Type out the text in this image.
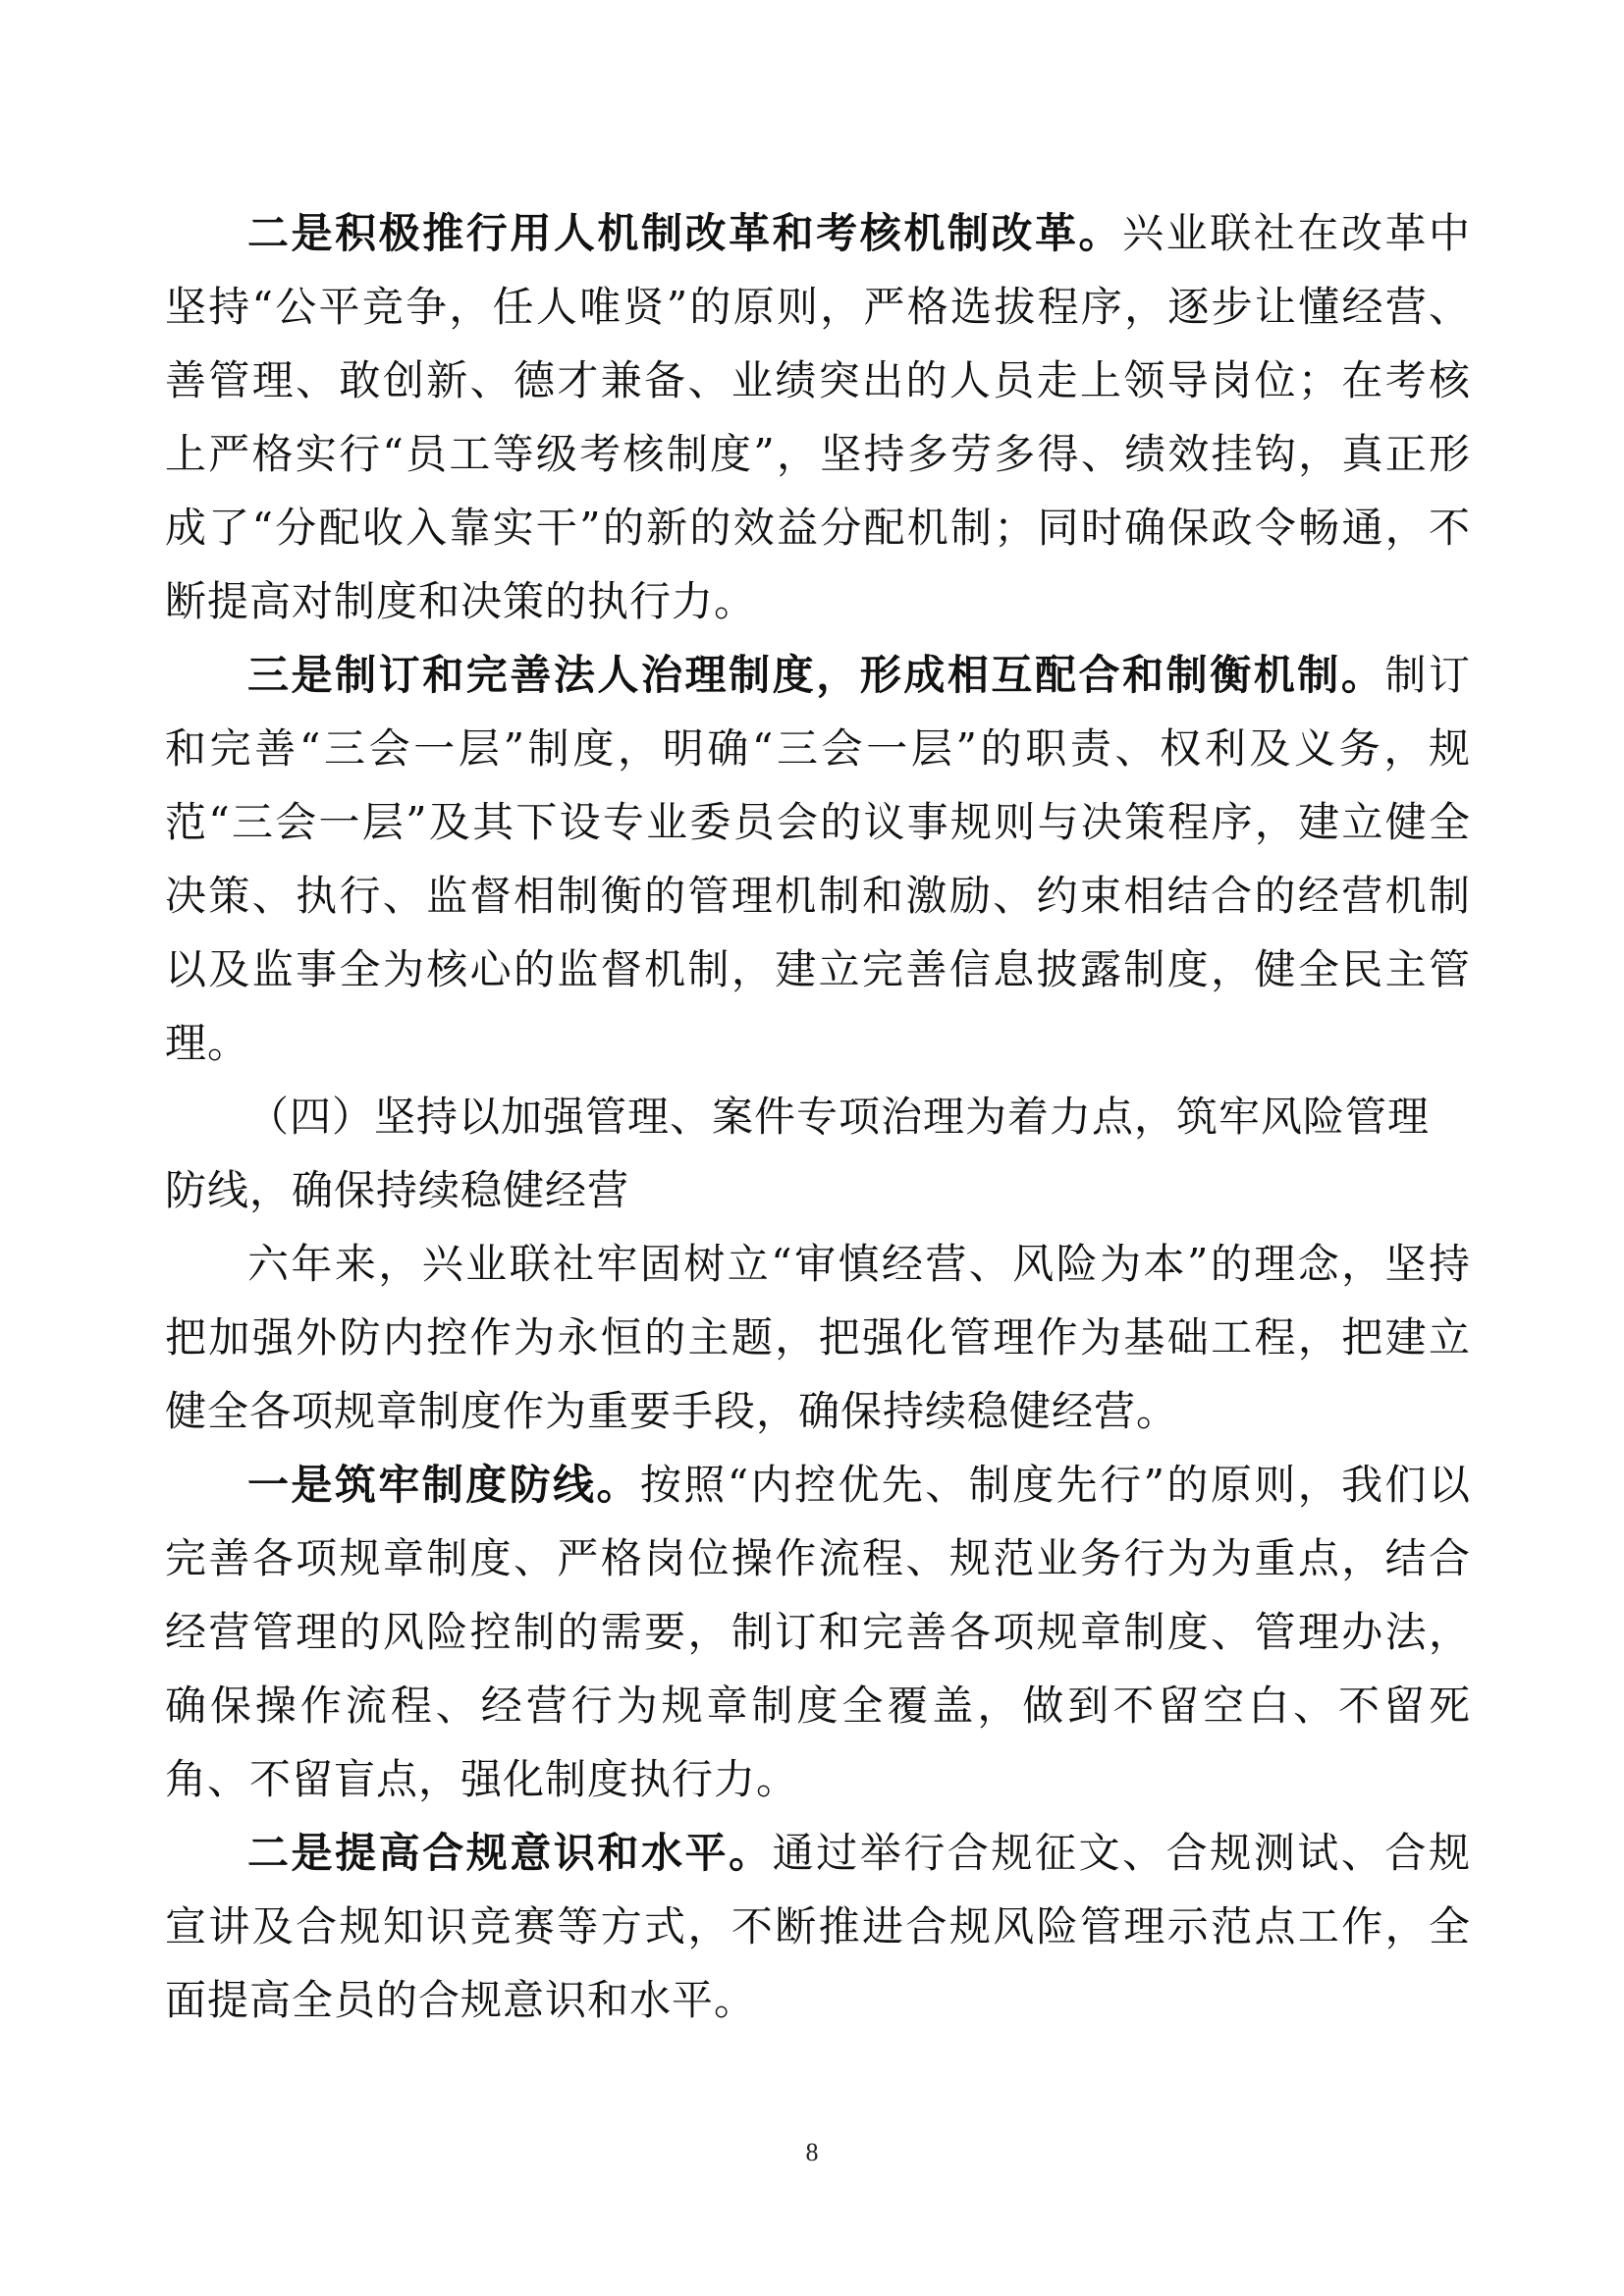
二是积极推行用人机制改革和考核机制改革。兴业联社在改革中坚持“公平竞争，任人唯贤”的原则，严格选拔程序，逐步让懂经营、善管理、敢创新、德才兼备、业绩突出的人员走上领导岗位；在考核上严格实行“员工等级考核制度”，坚持多劳多得、绩效挂钩，真正形成了“分配收入靠实干”的新的效益分配机制；同时确保政令畅通，不断提高对制度和决策的执行力。

三是制订和完善法人治理制度，形成相互配合和制衡机制。制订和完善“三会一层”制度，明确“三会一层”的职责、权利及义务，规范“三会一层”及其下设专业委员会的议事规则与决策程序，建立健全决策、执行、监督相制衡的管理机制和激励、约束相结合的经营机制以及监事全为核心的监督机制，建立完善信息披露制度，健全民主管理。

（四）坚持以加强管理、案件专项治理为着力点，筑牢风险管理防线，确保持续稳健经营

六年来，兴业联社牢固树立“审慎经营、风险为本”的理念，坚持把加强外防内控作为永恒的主题，把强化管理作为基础工程，把建立健全各项规章制度作为重要手段，确保持续稳健经营。

一是筑牢制度防线。按照“内控优先、制度先行”的原则，我们以完善各项规章制度、严格岗位操作流程、规范业务行为为重点，结合经营管理的风险控制的需要，制订和完善各项规章制度、管理办法，确保操作流程、经营行为规章制度全覆盖，做到不留空白、不留死角、不留盲点，强化制度执行力。

二是提高合规意识和水平。通过举行合规征文、合规测试、合规宣讲及合规知识竞赛等方式，不断推进合规风险管理示范点工作，全面提高全员的合规意识和水平。

8
